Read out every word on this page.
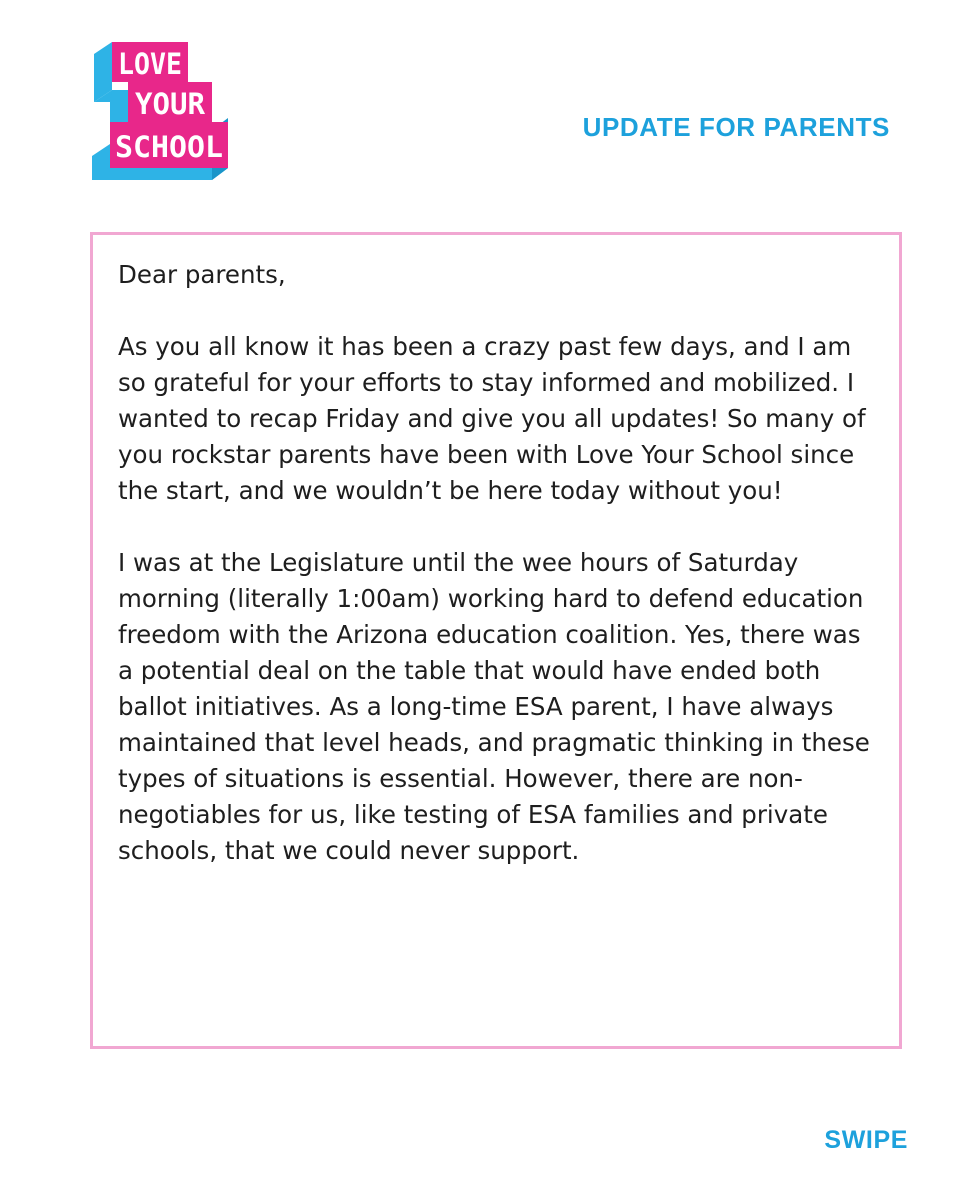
LOVE
YOUR
SCHOOL
UPDATE FOR PARENTS

Dear parents,

As you all know it has been a crazy past few days, and I am so grateful for your efforts to stay informed and mobilized. I wanted to recap Friday and give you all updates! So many of you rockstar parents have been with Love Your School since the start, and we wouldn’t be here today without you!

I was at the Legislature until the wee hours of Saturday morning (literally 1:00am) working hard to defend education freedom with the Arizona education coalition. Yes, there was a potential deal on the table that would have ended both ballot initiatives. As a long-time ESA parent, I have always maintained that level heads, and pragmatic thinking in these types of situations is essential. However, there are non-negotiables for us, like testing of ESA families and private schools, that we could never support.

SWIPE
